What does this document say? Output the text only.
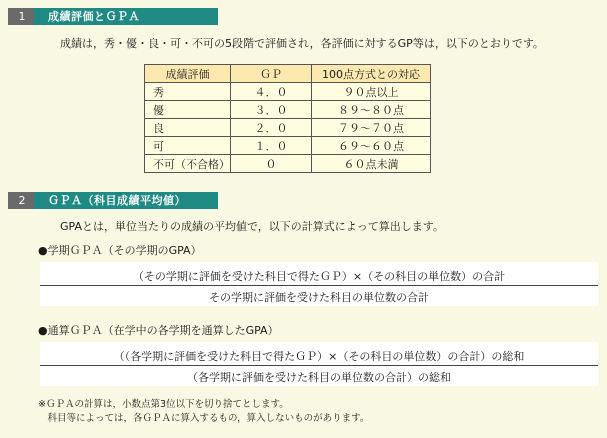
1	成績評価とＧＰＡ
成績は，秀・優・良・可・不可の5段階で評価され，各評価に対するGP等は，以下のとおりです。
成績評価	ＧＰ	100点方式との対応
秀	４．０	９０点以上
優	３．０	８９～８０点
良	２．０	７９～７０点
可	１．０	６９～６０点
不可（不合格）	０	６０点未満
2	ＧＰＡ（科目成績平均値）
GPAとは，単位当たりの成績の平均値で，以下の計算式によって算出します。
●学期ＧＰＡ（その学期のGPA）
（その学期に評価を受けた科目で得たＧＰ）×（その科目の単位数）の合計
その学期に評価を受けた科目の単位数の合計
●通算ＧＰＡ（在学中の各学期を通算したGPA）
（（各学期に評価を受けた科目で得たＧＰ）×（その科目の単位数）の合計）の総和
（各学期に評価を受けた科目の単位数の合計）の総和
※ＧＰＡの計算は，小数点第3位以下を切り捨てとします。
　科目等によっては，各ＧＰＡに算入するもの，算入しないものがあります。
